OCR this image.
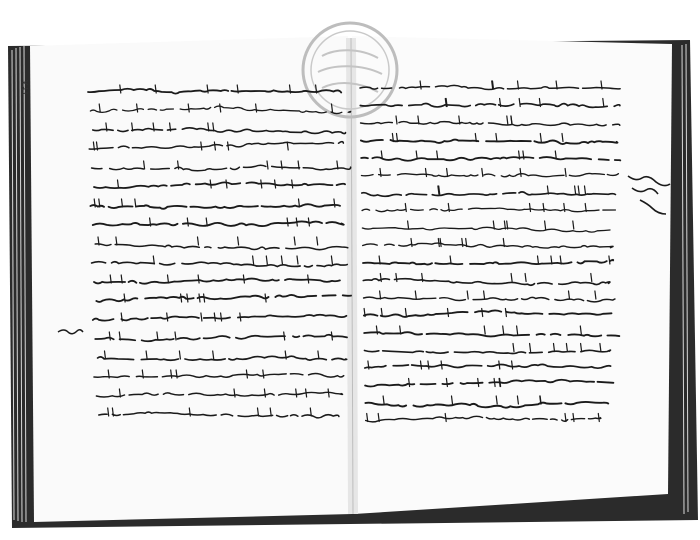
١٢٨
